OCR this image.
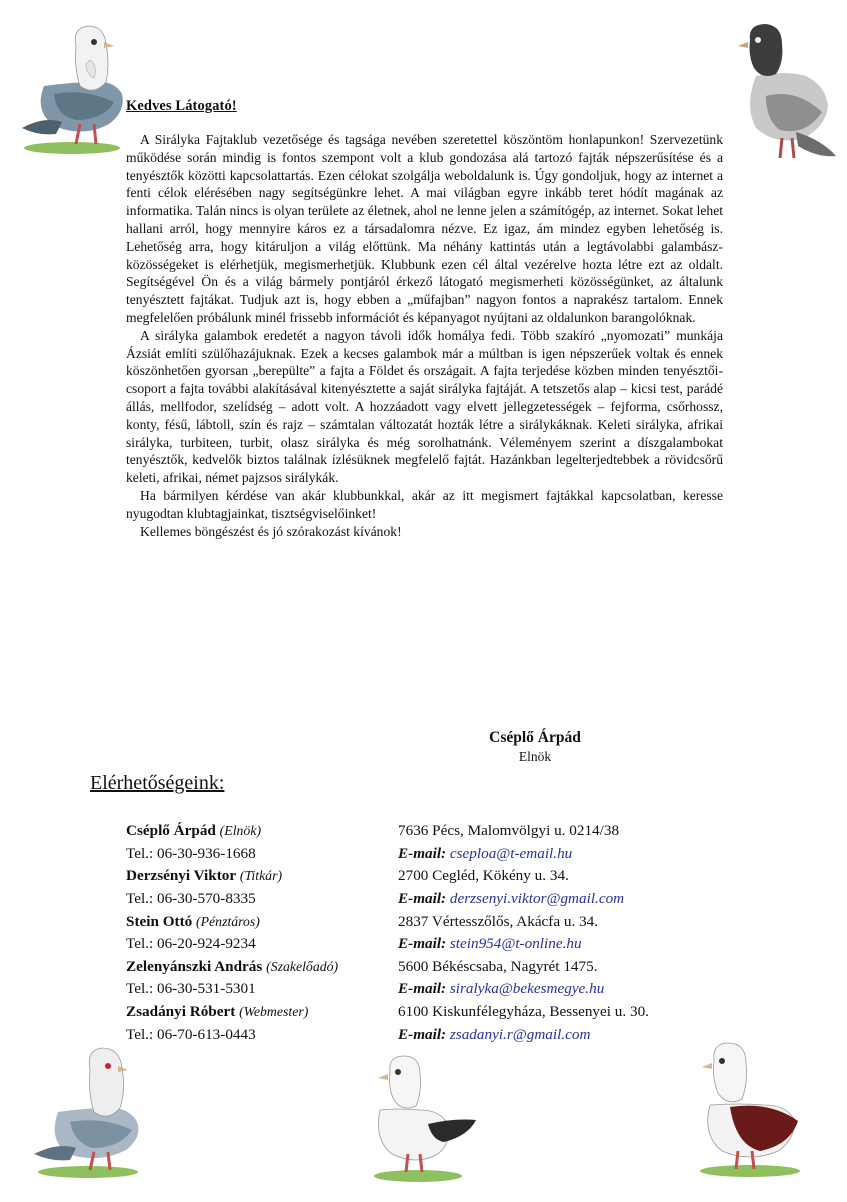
Kedves Látogató!

A Sirályka Fajtaklub vezetősége és tagsága nevében szeretettel köszöntöm honlapunkon! Szervezetünk működése során mindig is fontos szempont volt a klub gondozása alá tartozó fajták népszerűsítése és a tenyésztők közötti kapcsolattartás. Ezen célokat szolgálja weboldalunk is. Úgy gondoljuk, hogy az internet a fenti célok elérésében nagy segítségünkre lehet. A mai világban egyre inkább teret hódít magának az informatika. Talán nincs is olyan területe az életnek, ahol ne lenne jelen a számítógép, az internet. Sokat lehet hallani arról, hogy mennyire káros ez a társadalomra nézve. Ez igaz, ám mindez egyben lehetőség is. Lehetőség arra, hogy kitáruljon a világ előttünk. Ma néhány kattintás után a legtávolabbi galambász-közösségeket is elérhetjük, megismerhetjük. Klubbunk ezen cél által vezérelve hozta létre ezt az oldalt. Segítségével Ön és a világ bármely pontjáról érkező látogató megismerheti közösségünket, az általunk tenyésztett fajtákat. Tudjuk azt is, hogy ebben a „műfajban” nagyon fontos a naprakész tartalom. Ennek megfelelően próbálunk minél frissebb információt és képanyagot nyújtani az oldalunkon barangolóknak.

A sirályka galambok eredetét a nagyon távoli idők homálya fedi. Több szakíró „nyomozati” munkája Ázsiát említi szülőhazájuknak. Ezek a kecses galambok már a múltban is igen népszerűek voltak és ennek köszönhetően gyorsan „berepülte” a fajta a Földet és országait. A fajta terjedése közben minden tenyésztői-csoport a fajta további alakításával kitenyésztette a saját sirályka fajtáját. A tetszetős alap – kicsi test, parádé állás, mellfodor, szelídség – adott volt. A hozzáadott vagy elvett jellegzetességek – fejforma, csőrhossz, konty, fésű, lábtoll, szín és rajz – számtalan változatát hozták létre a sirálykáknak. Keleti sirályka, afrikai sirályka, turbiteen, turbit, olasz sirályka és még sorolhatnánk. Véleményem szerint a díszgalambokat tenyésztők, kedvelők biztos találnak ízlésüknek megfelelő fajtát. Hazánkban legelterjedtebbek a rövidcsőrű keleti, afrikai, német pajzsos sirálykák.

Ha bármilyen kérdése van akár klubbunkkal, akár az itt megismert fajtákkal kapcsolatban, keresse nyugodtan klubtagjainkat, tisztségviselőinket!

Kellemes böngészést és jó szórakozást kívánok!

Cséplő Árpád
Elnök
Elérhetőségeink:
Cséplő Árpád (Elnök)	7636 Pécs, Malomvölgyi u. 0214/38
Tel.: 06-30-936-1668	E-mail: cseploa@t-email.hu
Derzsényi Viktor (Titkár)	2700 Cegléd, Kökény u. 34.
Tel.: 06-30-570-8335	E-mail: derzsenyi.viktor@gmail.com
Stein Ottó (Pénztáros)	2837 Vértesszőlős, Akácfa u. 34.
Tel.: 06-20-924-9234	E-mail: stein954@t-online.hu
Zelenyánszki András (Szakelőadó)	5600 Békéscsaba, Nagyrét 1475.
Tel.: 06-30-531-5301	E-mail: siralyka@bekesmegye.hu
Zsadányi Róbert (Webmester)	6100 Kiskunfélegyháza, Bessenyei u. 30.
Tel.: 06-70-613-0443	E-mail: zsadanyi.r@gmail.com
